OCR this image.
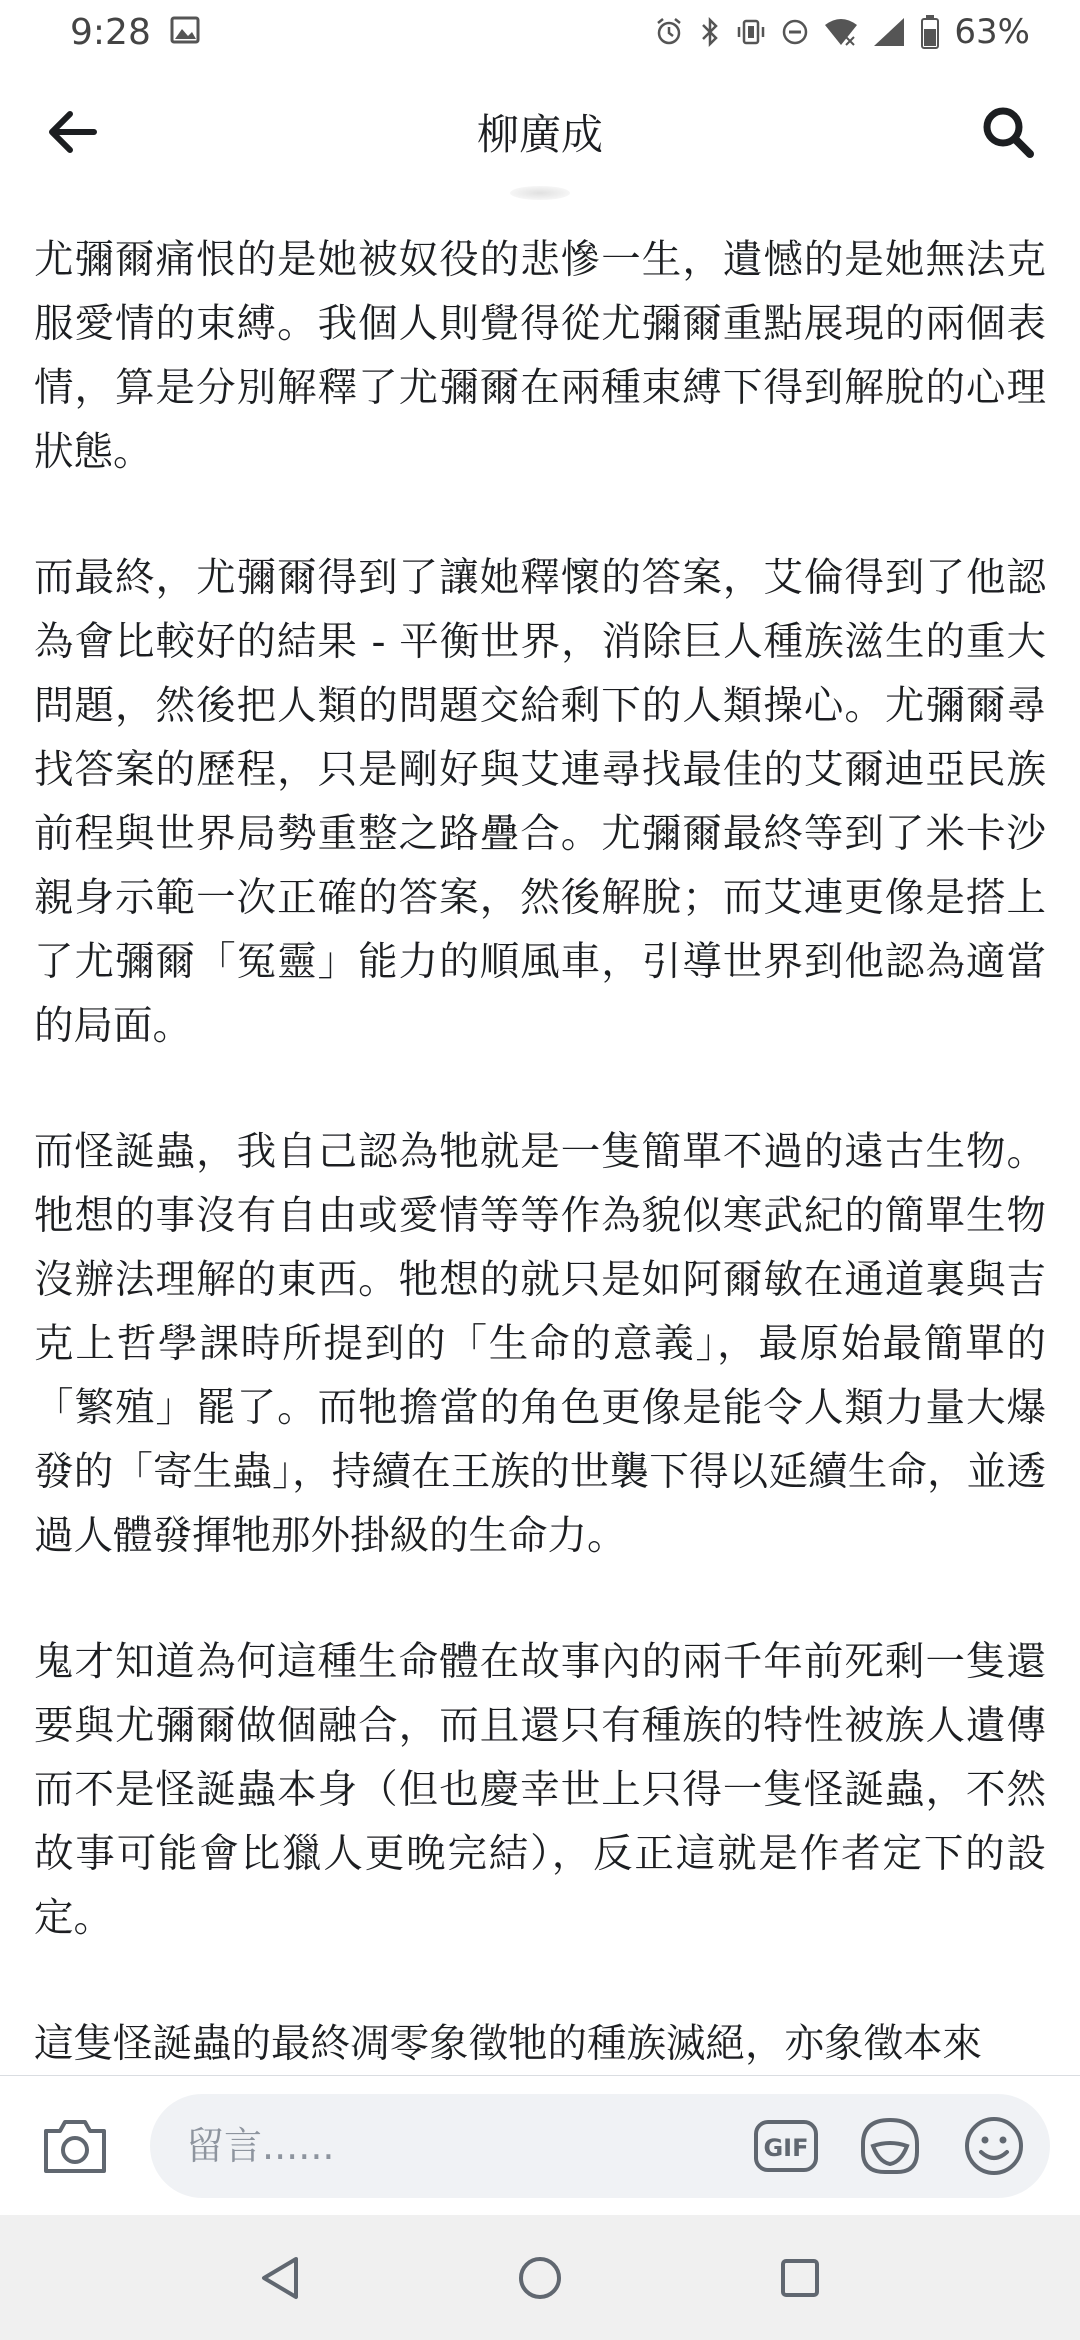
9:28	63%
柳廣成

尤彌爾痛恨的是她被奴役的悲慘一生，遺憾的是她無法克服愛情的束縛。我個人則覺得從尤彌爾重點展現的兩個表情，算是分別解釋了尤彌爾在兩種束縛下得到解脫的心理狀態。

而最終，尤彌爾得到了讓她釋懷的答案，艾倫得到了他認為會比較好的結果 - 平衡世界，消除巨人種族滋生的重大問題，然後把人類的問題交給剩下的人類操心。尤彌爾尋找答案的歷程，只是剛好與艾連尋找最佳的艾爾迪亞民族前程與世界局勢重整之路疊合。尤彌爾最終等到了米卡沙親身示範一次正確的答案，然後解脫；而艾連更像是搭上了尤彌爾「冤靈」能力的順風車，引導世界到他認為適當的局面。

而怪誕蟲，我自己認為牠就是一隻簡單不過的遠古生物。牠想的事沒有自由或愛情等等作為貌似寒武紀的簡單生物沒辦法理解的東西。牠想的就只是如阿爾敏在通道裏與吉克上哲學課時所提到的「生命的意義」，最原始最簡單的「繁殖」罷了。而牠擔當的角色更像是能令人類力量大爆發的「寄生蟲」，持續在王族的世襲下得以延續生命，並透過人體發揮牠那外掛級的生命力。

鬼才知道為何這種生命體在故事內的兩千年前死剩一隻還要與尤彌爾做個融合，而且還只有種族的特性被族人遺傳而不是怪誕蟲本身（但也慶幸世上只得一隻怪誕蟲，不然故事可能會比獵人更晚完結），反正這就是作者定下的設定。

這隻怪誕蟲的最終凋零象徵牠的種族滅絕，亦象徵本來

留言......
GIF
